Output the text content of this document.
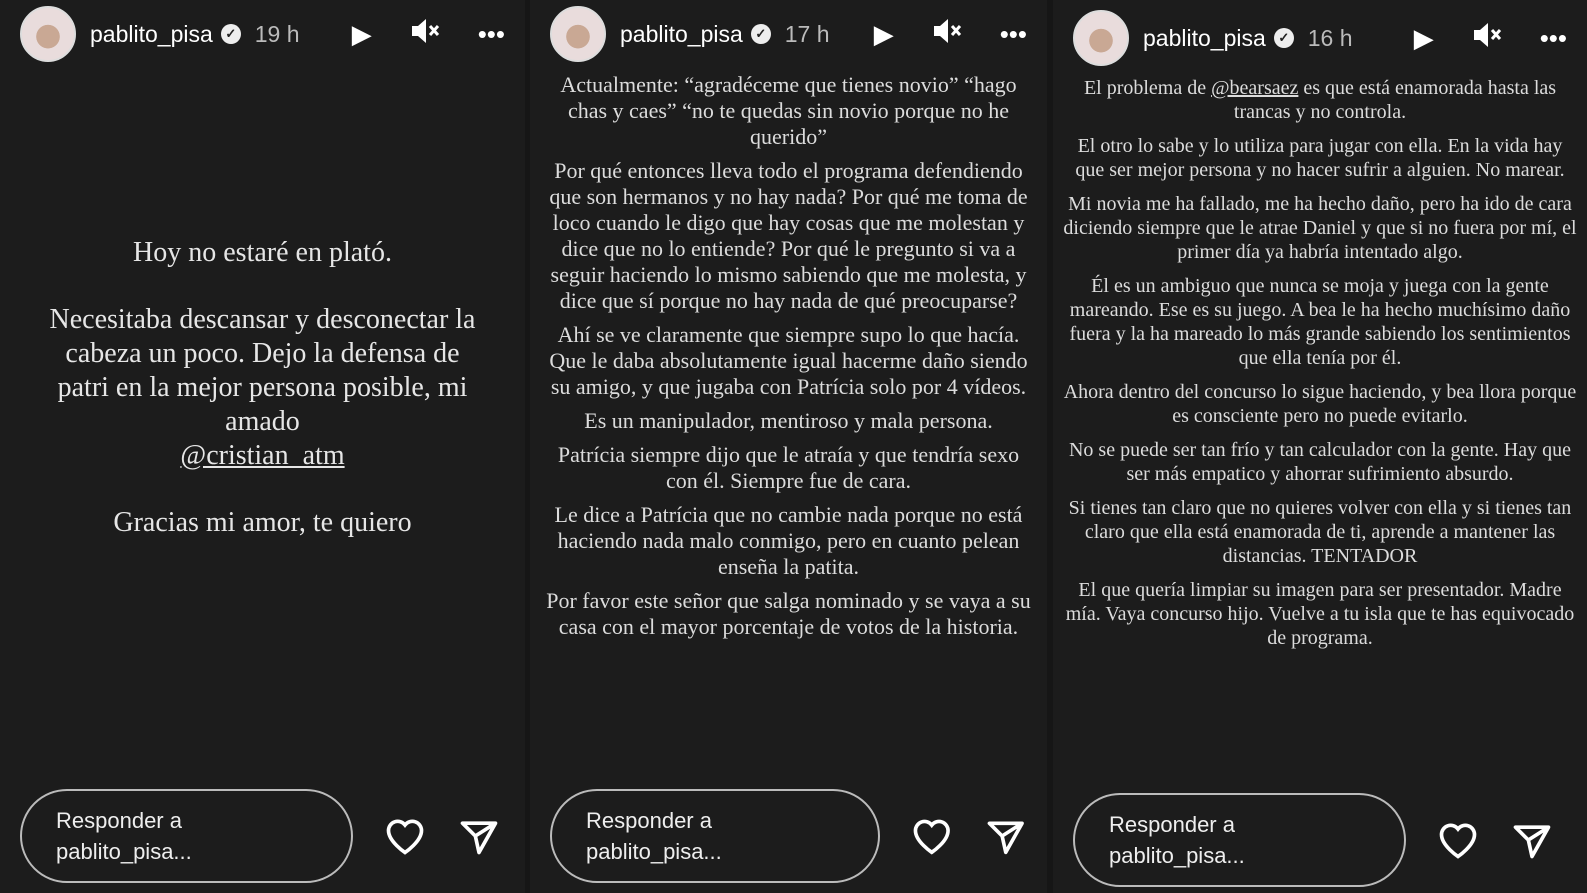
pablito_pisa ✓ 19 h ▶	•••

Hoy no estaré en plató.

Necesitaba descansar y desconectar la cabeza un poco. Dejo la defensa de patri en la mejor persona posible, mi amado

@cristian_atm

Gracias mi amor, te quiero

Responder a pablito_pisa...

Actualmente: “agradéceme que tienes novio” “hago chas y caes” “no te quedas sin novio porque no he querido”

Por qué entonces lleva todo el programa defendiendo que son hermanos y no hay nada? Por qué me toma de loco cuando le digo que hay cosas que me molestan y dice que no lo entiende? Por qué le pregunto si va a seguir haciendo lo mismo sabiendo que me molesta, y dice que sí porque no hay nada de qué preocuparse?

Ahí se ve claramente que siempre supo lo que hacía. Que le daba absolutamente igual hacerme daño siendo su amigo, y que jugaba con Patrícia solo por 4 vídeos.

Es un manipulador, mentiroso y mala persona.

Patrícia siempre dijo que le atraía y que tendría sexo con él. Siempre fue de cara.

Le dice a Patrícia que no cambie nada porque no está haciendo nada malo conmigo, pero en cuanto pelean enseña la patita.

Por favor este señor que salga nominado y se vaya a su casa con el mayor porcentaje de votos de la historia.

pablito_pisa ✓ 17 h ▶	•••
Responder a pablito_pisa...

El problema de @bearsaez es que está enamorada hasta las trancas y no controla.

El otro lo sabe y lo utiliza para jugar con ella. En la vida hay que ser mejor persona y no hacer sufrir a alguien. No marear.

Mi novia me ha fallado, me ha hecho daño, pero ha ido de cara diciendo siempre que le atrae Daniel y que si no fuera por mí, el primer día ya habría intentado algo.

Él es un ambiguo que nunca se moja y juega con la gente mareando. Ese es su juego. A bea le ha hecho muchísimo daño fuera y la ha mareado lo más grande sabiendo los sentimientos que ella tenía por él.

Ahora dentro del concurso lo sigue haciendo, y bea llora porque es consciente pero no puede evitarlo.

No se puede ser tan frío y tan calculador con la gente. Hay que ser más empatico y ahorrar sufrimiento absurdo.

Si tienes tan claro que no quieres volver con ella y si tienes tan claro que ella está enamorada de ti, aprende a mantener las distancias. TENTADOR

El que quería limpiar su imagen para ser presentador. Madre mía. Vaya concurso hijo. Vuelve a tu isla que te has equivocado de programa.

pablito_pisa ✓ 16 h ▶	•••
Responder a pablito_pisa...
